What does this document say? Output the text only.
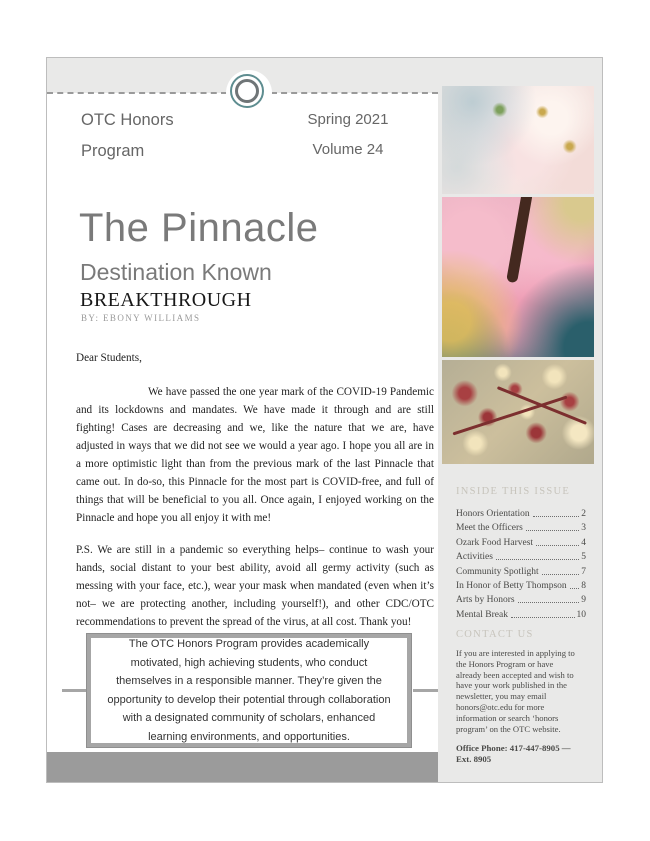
OTC Honors
Program
Spring 2021
Volume 24
The Pinnacle
Destination Known
BREAKTHROUGH
BY: EBONY WILLIAMS
Dear Students,

We have passed the one year mark of the COVID-19 Pandemic and its lockdowns and mandates. We have made it through and are still fighting! Cases are decreasing and we, like the nature that we are, have adjusted in ways that we did not see we would a year ago. I hope you all are in a more optimistic light than from the previous mark of the last Pinnacle that came out. In do-so, this Pinnacle for the most part is COVID-free, and full of things that will be beneficial to you all. Once again, I enjoyed working on the Pinnacle and hope you all enjoy it with me!

P.S. We are still in a pandemic so everything helps– continue to wash your hands, social distant to your best ability, avoid all germy activity (such as messing with your face, etc.), wear your mask when mandated (even when it’s not– we are protecting another, including yourself!), and other CDC/OTC recommendations to prevent the spread of the virus, at all cost. Thank you!

INSIDE THIS ISSUE
Honors Orientation	2
Meet the Officers	3
Ozark Food Harvest	4
Activities	5
Community Spotlight	7
In Honor of Betty Thompson 8
Arts by Honors	9
Mental Break	10
CONTACT US
If you are interested in applying to the Honors Program or have already been accepted and wish to have your work published in the newsletter, you may email honors@otc.edu for more information or search ‘honors program’ on the OTC website.
Office Phone: 417-447-8905 — Ext. 8905
The OTC Honors Program provides academically motivated, high achieving students, who conduct themselves in a responsible manner. They’re given the opportunity to develop their potential through collaboration with a designated community of scholars, enhanced learning environments, and opportunities.
